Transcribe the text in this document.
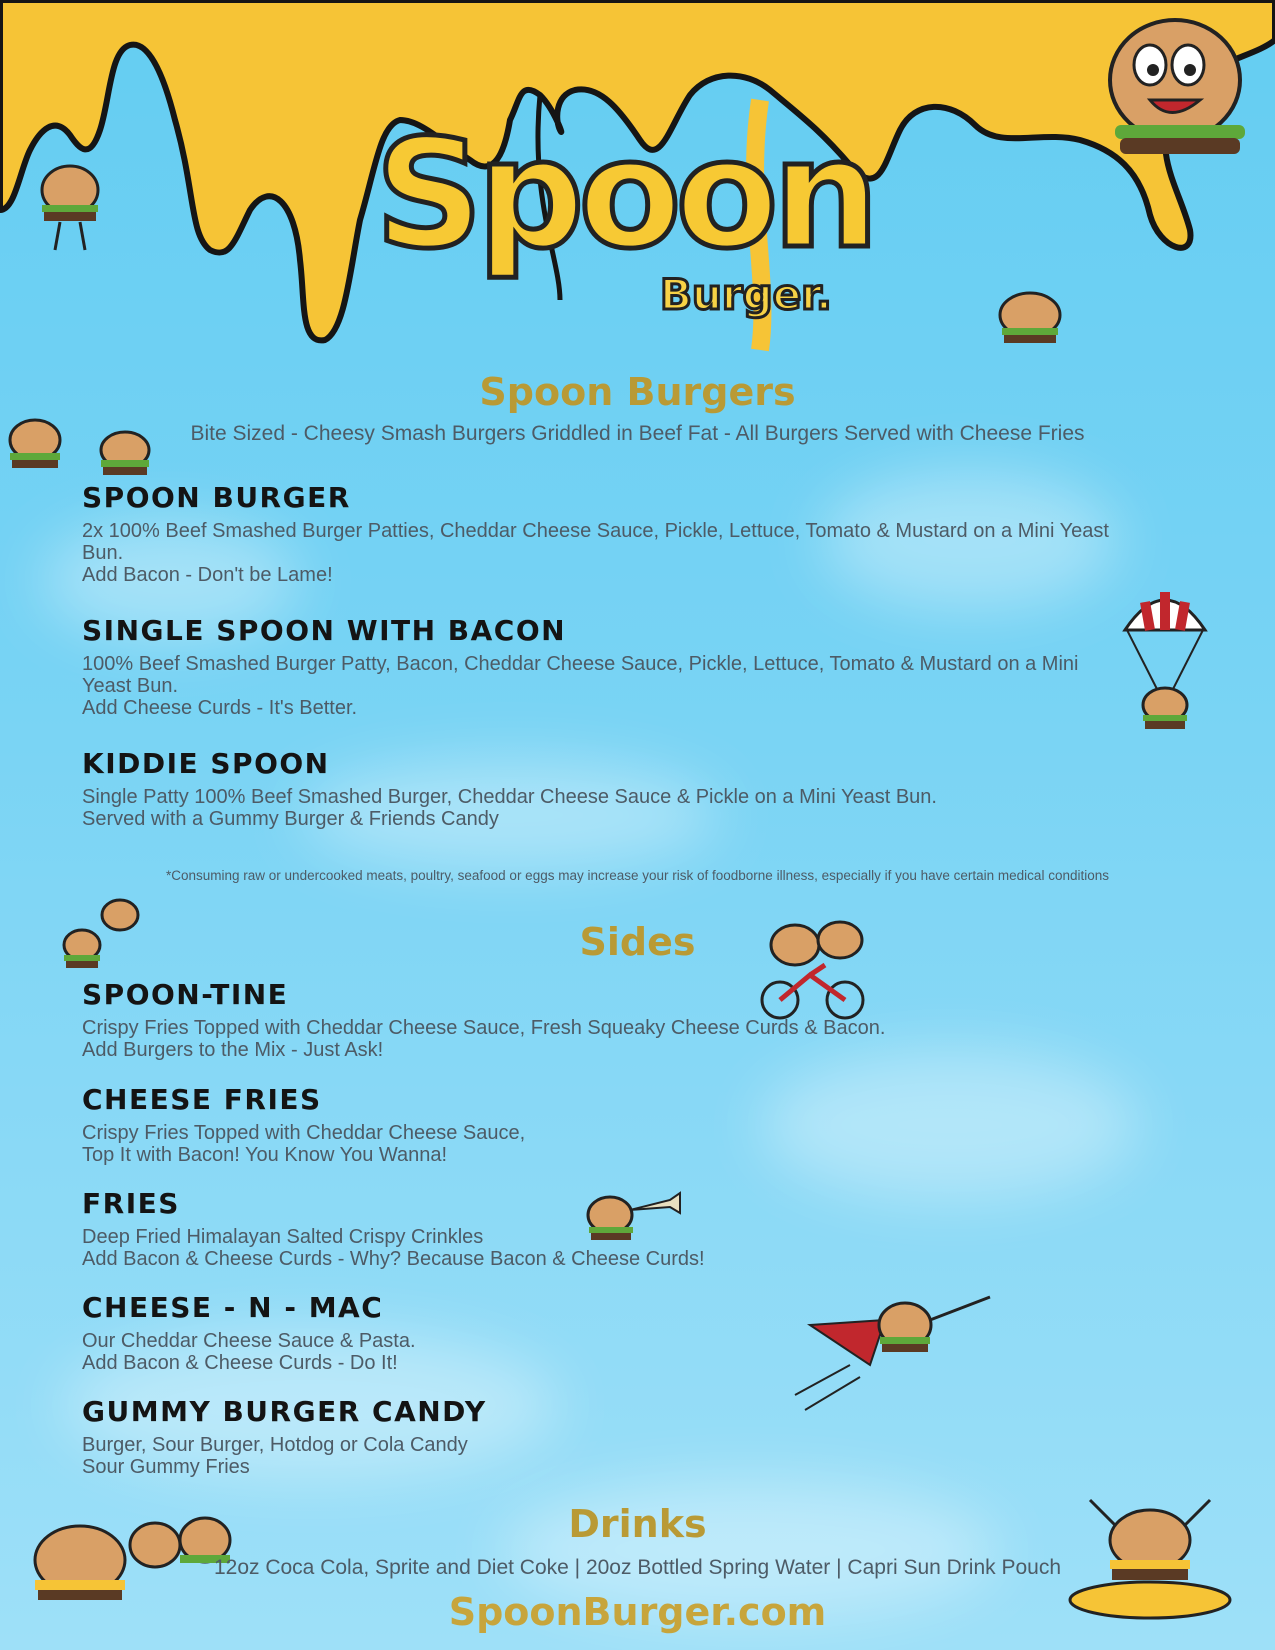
Spoon
Burger.
Spoon Burgers
Bite Sized - Cheesy Smash Burgers Griddled in Beef Fat - All Burgers Served with Cheese Fries
SPOON BURGER
2x 100% Beef Smashed Burger Patties, Cheddar Cheese Sauce, Pickle, Lettuce, Tomato & Mustard on a Mini Yeast
Bun.
Add Bacon - Don't be Lame!
SINGLE SPOON WITH BACON
100% Beef Smashed Burger Patty, Bacon, Cheddar Cheese Sauce, Pickle, Lettuce, Tomato & Mustard on a Mini
Yeast Bun.
Add Cheese Curds - It's Better.
KIDDIE SPOON
Single Patty 100% Beef Smashed Burger, Cheddar Cheese Sauce & Pickle on a Mini Yeast Bun.
Served with a Gummy Burger & Friends Candy
*Consuming raw or undercooked meats, poultry, seafood or eggs may increase your risk of foodborne illness, especially if you have certain medical conditions
Sides
SPOON-TINE
Crispy Fries Topped with Cheddar Cheese Sauce, Fresh Squeaky Cheese Curds & Bacon.
Add Burgers to the Mix - Just Ask!
CHEESE FRIES
Crispy Fries Topped with Cheddar Cheese Sauce,
Top It with Bacon! You Know You Wanna!
FRIES
Deep Fried Himalayan Salted Crispy Crinkles
Add Bacon & Cheese Curds - Why? Because Bacon & Cheese Curds!
CHEESE - N - MAC
Our Cheddar Cheese Sauce & Pasta.
Add Bacon & Cheese Curds - Do It!
GUMMY BURGER CANDY
Burger, Sour Burger, Hotdog or Cola Candy
Sour Gummy Fries
Drinks
12oz Coca Cola, Sprite and Diet Coke | 20oz Bottled Spring Water | Capri Sun Drink Pouch
SpoonBurger.com
